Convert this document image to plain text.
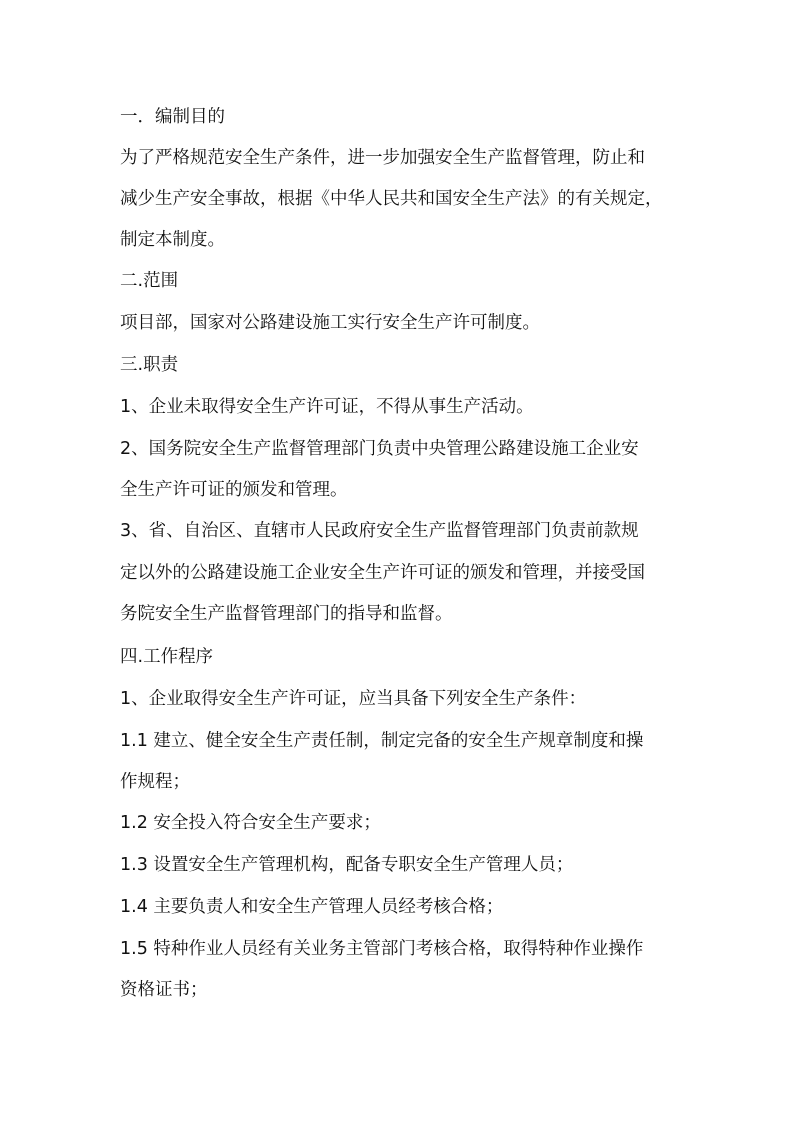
一．编制目的
为了严格规范安全生产条件，进一步加强安全生产监督管理，防止和
减少生产安全事故，根据《中华人民共和国安全生产法》的有关规定，
制定本制度。
二.范围
项目部，国家对公路建设施工实行安全生产许可制度。
三.职责
1、企业未取得安全生产许可证，不得从事生产活动。
2、国务院安全生产监督管理部门负责中央管理公路建设施工企业安
全生产许可证的颁发和管理。
3、省、自治区、直辖市人民政府安全生产监督管理部门负责前款规
定以外的公路建设施工企业安全生产许可证的颁发和管理，并接受国
务院安全生产监督管理部门的指导和监督。
四.工作程序
1、企业取得安全生产许可证，应当具备下列安全生产条件：
1.1 建立、健全安全生产责任制，制定完备的安全生产规章制度和操
作规程；
1.2 安全投入符合安全生产要求；
1.3 设置安全生产管理机构，配备专职安全生产管理人员；
1.4 主要负责人和安全生产管理人员经考核合格；
1.5 特种作业人员经有关业务主管部门考核合格，取得特种作业操作
资格证书；
